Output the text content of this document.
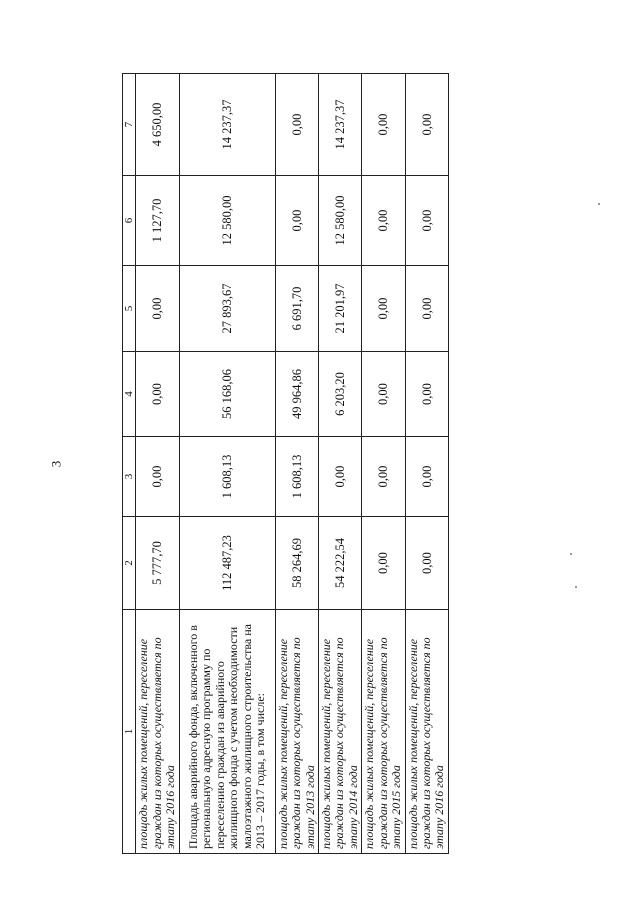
3
1	2	3	4	5	6	7
площадь жилых помещений, переселение граждан из которых осуществляется по этапу 2016 года	5 777,70	0,00	0,00	0,00	1 127,70	4 650,00
Площадь аварийного фонда, включенного в региональную адресную программу по переселению граждан из аварийного жилищного фонда с учетом необходимости малоэтажного жилищного строительства на 2013 – 2017 годы, в том числе:	112 487,23	1 608,13	56 168,06	27 893,67	12 580,00	14 237,37
площадь жилых помещений, переселение граждан из которых осуществляется по этапу 2013 года	58 264,69	1 608,13	49 964,86	6 691,70	0,00	0,00
площадь жилых помещений, переселение граждан из которых осуществляется по этапу 2014 года	54 222,54	0,00	6 203,20	21 201,97	12 580,00	14 237,37
площадь жилых помещений, переселение граждан из которых осуществляется по этапу 2015 года	0,00	0,00	0,00	0,00	0,00	0,00
площадь жилых помещений, переселение граждан из которых осуществляется по этапу 2016 года	0,00	0,00	0,00	0,00	0,00	0,00
